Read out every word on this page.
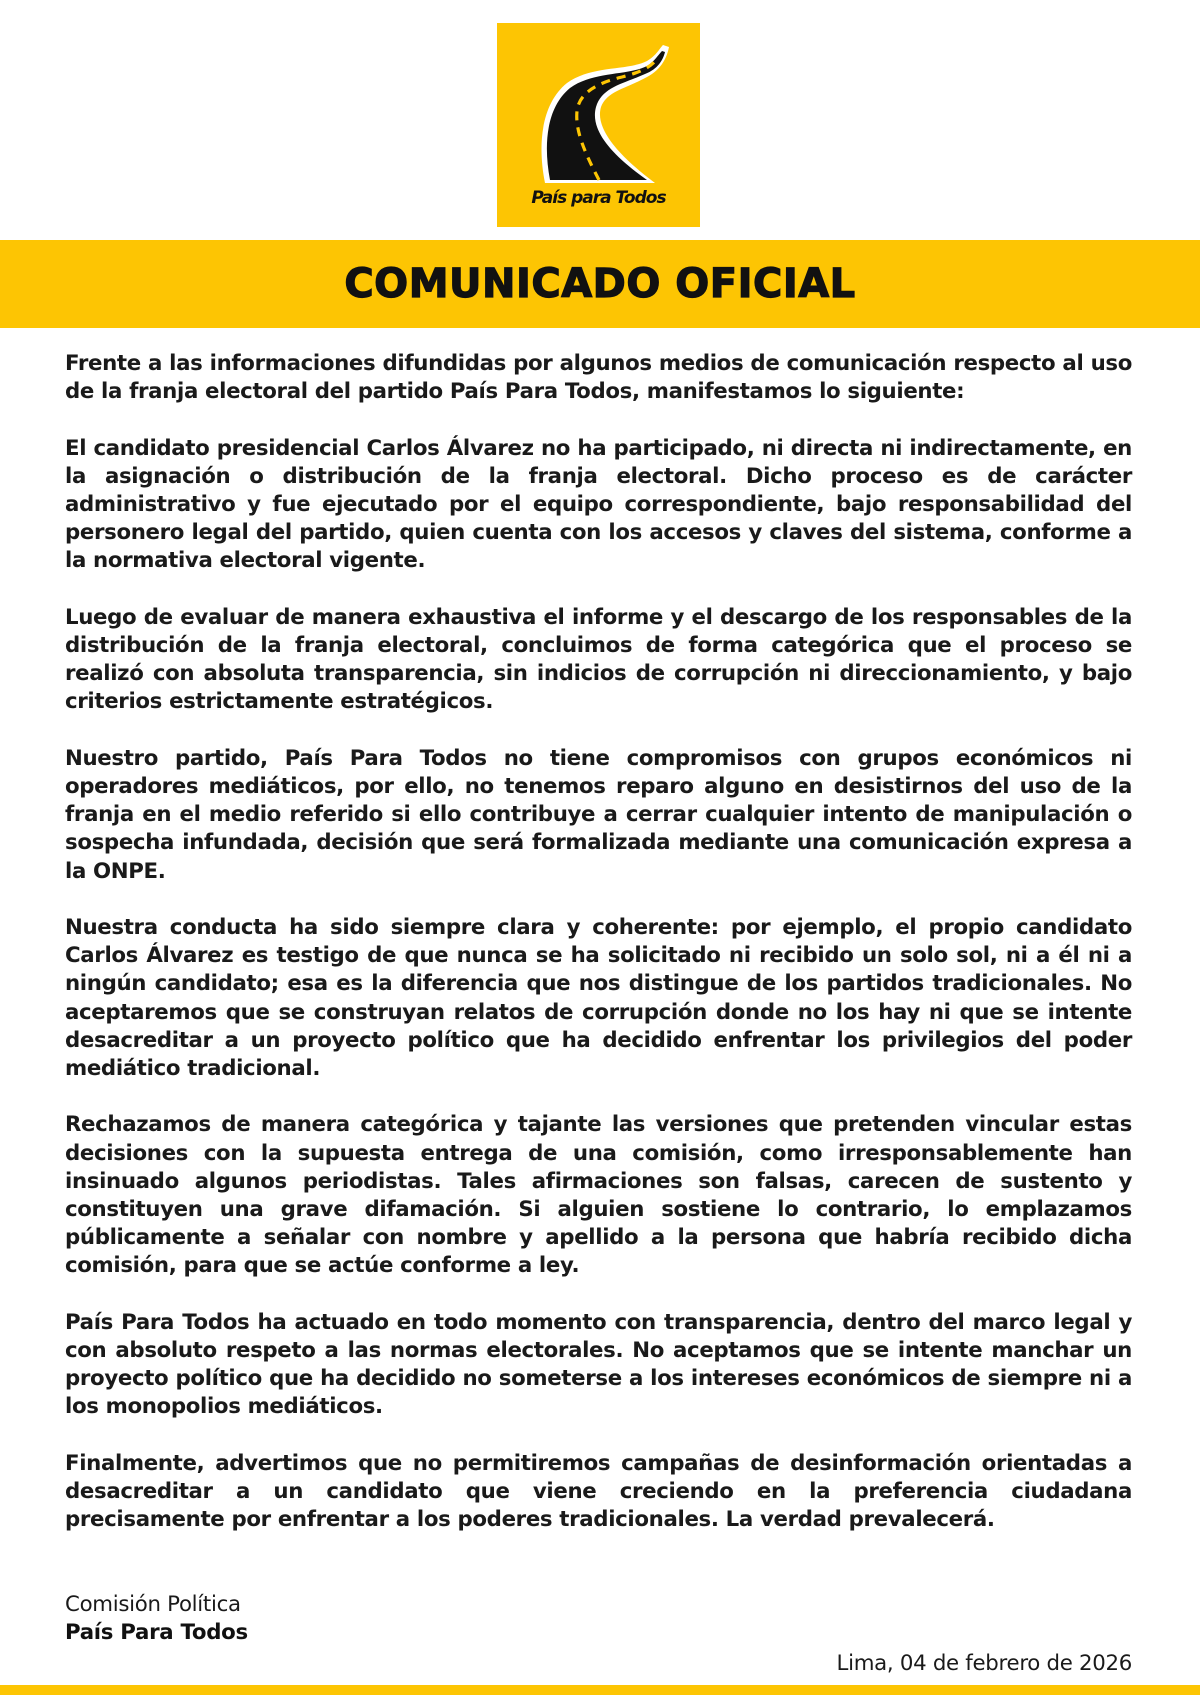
País para Todos
COMUNICADO OFICIAL

Frente a las informaciones difundidas por algunos medios de comunicación respecto al uso de la franja electoral del partido País Para Todos, manifestamos lo siguiente:

El candidato presidencial Carlos Álvarez no ha participado, ni directa ni indirectamente, en la asignación o distribución de la franja electoral. Dicho proceso es de carácter administrativo y fue ejecutado por el equipo correspondiente, bajo responsabilidad del personero legal del partido, quien cuenta con los accesos y claves del sistema, conforme a la normativa electoral vigente.

Luego de evaluar de manera exhaustiva el informe y el descargo de los responsables de la distribución de la franja electoral, concluimos de forma categórica que el proceso se realizó con absoluta transparencia, sin indicios de corrupción ni direccionamiento, y bajo criterios estrictamente estratégicos.

Nuestro partido, País Para Todos no tiene compromisos con grupos económicos ni operadores mediáticos, por ello, no tenemos reparo alguno en desistirnos del uso de la franja en el medio referido si ello contribuye a cerrar cualquier intento de manipulación o sospecha infundada, decisión que será formalizada mediante una comunicación expresa a la ONPE.

Nuestra conducta ha sido siempre clara y coherente: por ejemplo, el propio candidato Carlos Álvarez es testigo de que nunca se ha solicitado ni recibido un solo sol, ni a él ni a ningún candidato; esa es la diferencia que nos distingue de los partidos tradicionales. No aceptaremos que se construyan relatos de corrupción donde no los hay ni que se intente desacreditar a un proyecto político que ha decidido enfrentar los privilegios del poder mediático tradicional.

Rechazamos de manera categórica y tajante las versiones que pretenden vincular estas decisiones con la supuesta entrega de una comisión, como irresponsablemente han insinuado algunos periodistas. Tales afirmaciones son falsas, carecen de sustento y constituyen una grave difamación. Si alguien sostiene lo contrario, lo emplazamos públicamente a señalar con nombre y apellido a la persona que habría recibido dicha comisión, para que se actúe conforme a ley.

País Para Todos ha actuado en todo momento con transparencia, dentro del marco legal y con absoluto respeto a las normas electorales. No aceptamos que se intente manchar un proyecto político que ha decidido no someterse a los intereses económicos de siempre ni a los monopolios mediáticos.

Finalmente, advertimos que no permitiremos campañas de desinformación orientadas a desacreditar a un candidato que viene creciendo en la preferencia ciudadana precisamente por enfrentar a los poderes tradicionales. La verdad prevalecerá.

Comisión Política
País Para Todos
Lima, 04 de febrero de 2026
